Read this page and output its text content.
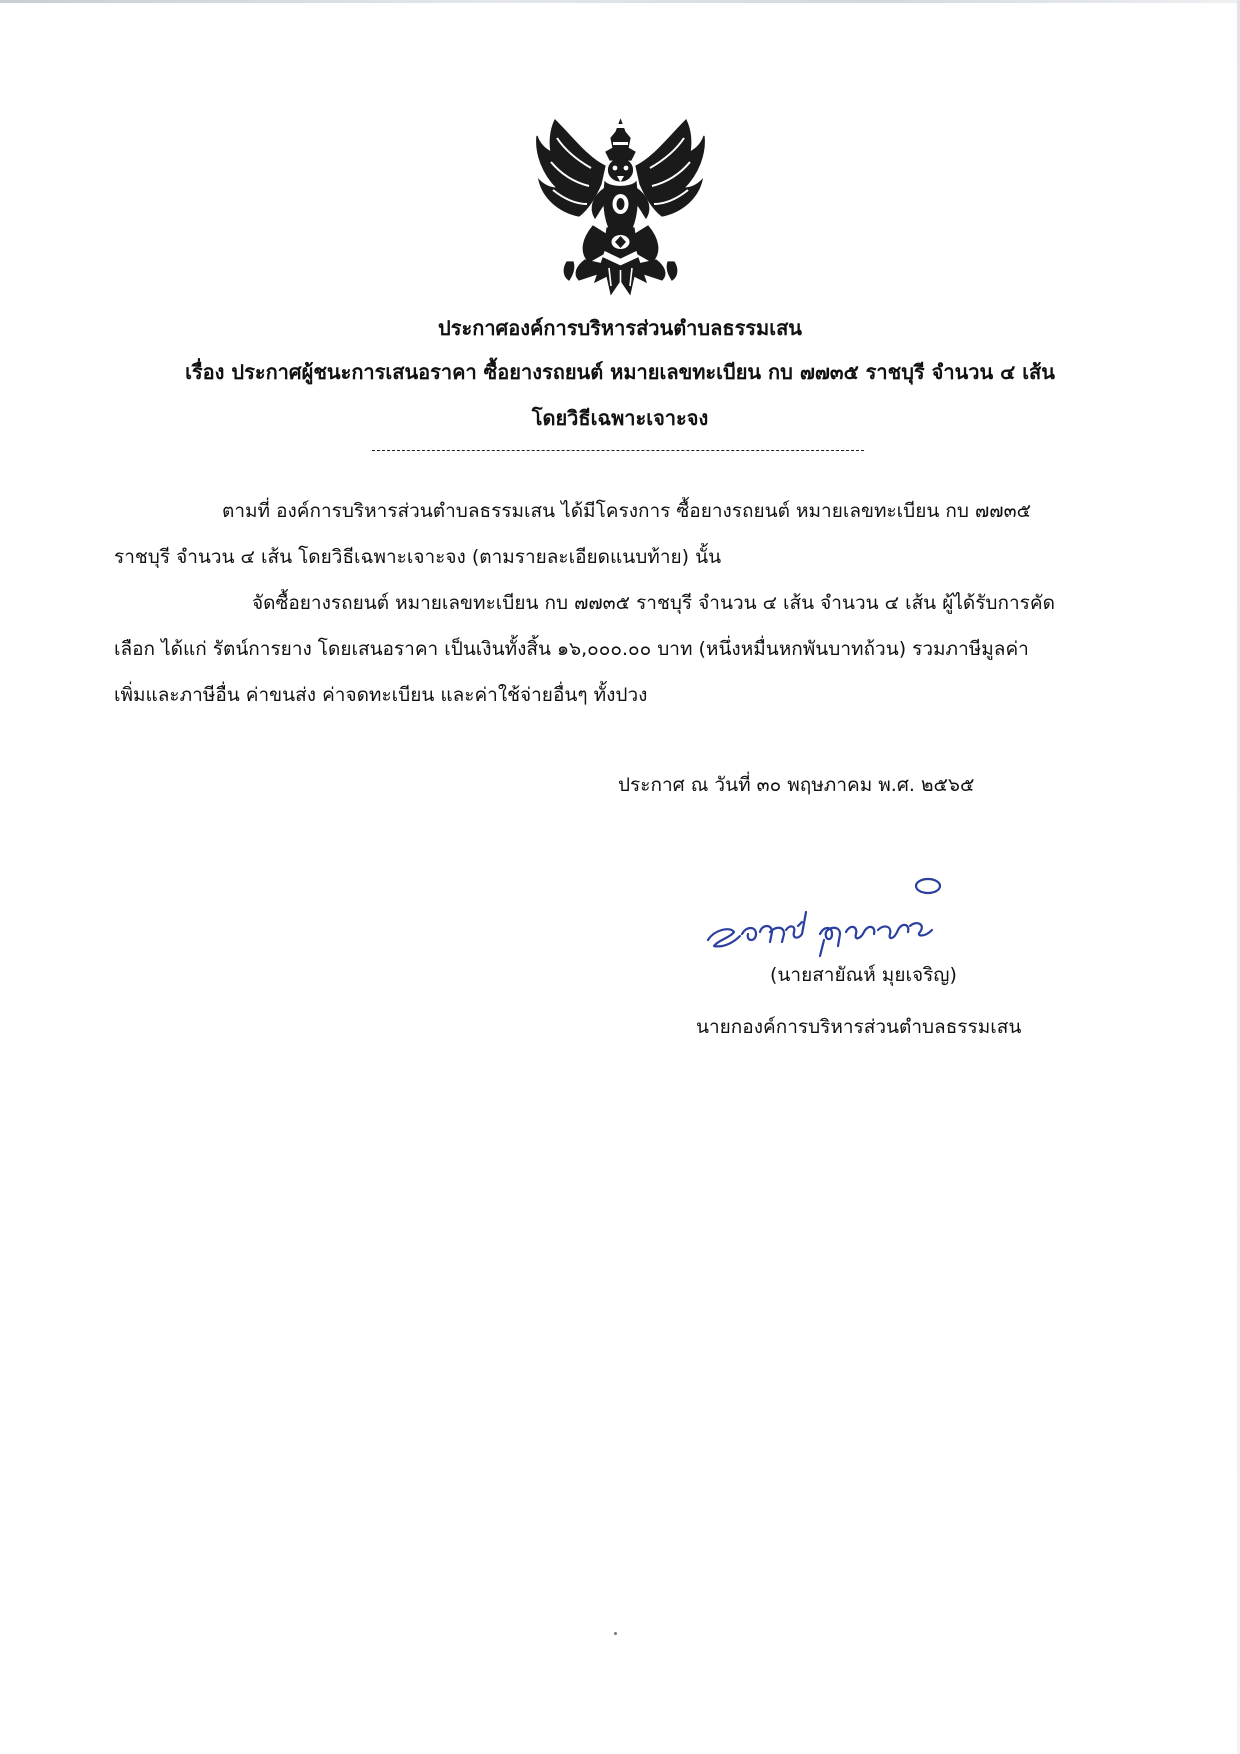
ประกาศองค์การบริหารส่วนตำบลธรรมเสน
เรื่อง ประกาศผู้ชนะการเสนอราคา ซื้อยางรถยนต์ หมายเลขทะเบียน กบ ๗๗๓๕ ราชบุรี จำนวน ๔ เส้น
โดยวิธีเฉพาะเจาะจง
ตามที่ องค์การบริหารส่วนตำบลธรรมเสน ได้มีโครงการ ซื้อยางรถยนต์ หมายเลขทะเบียน กบ ๗๗๓๕
ราชบุรี จำนวน ๔ เส้น โดยวิธีเฉพาะเจาะจง (ตามรายละเอียดแนบท้าย) นั้น
จัดซื้อยางรถยนต์ หมายเลขทะเบียน กบ ๗๗๓๕ ราชบุรี จำนวน ๔ เส้น จำนวน ๔ เส้น ผู้ได้รับการคัด
เลือก ได้แก่ รัตน์การยาง โดยเสนอราคา เป็นเงินทั้งสิ้น ๑๖,๐๐๐.๐๐ บาท (หนึ่งหมื่นหกพันบาทถ้วน) รวมภาษีมูลค่า
เพิ่มและภาษีอื่น ค่าขนส่ง ค่าจดทะเบียน และค่าใช้จ่ายอื่นๆ ทั้งปวง
ประกาศ ณ วันที่ ๓๐ พฤษภาคม พ.ศ. ๒๕๖๕
(นายสายัณห์ มุยเจริญ)
นายกองค์การบริหารส่วนตำบลธรรมเสน
